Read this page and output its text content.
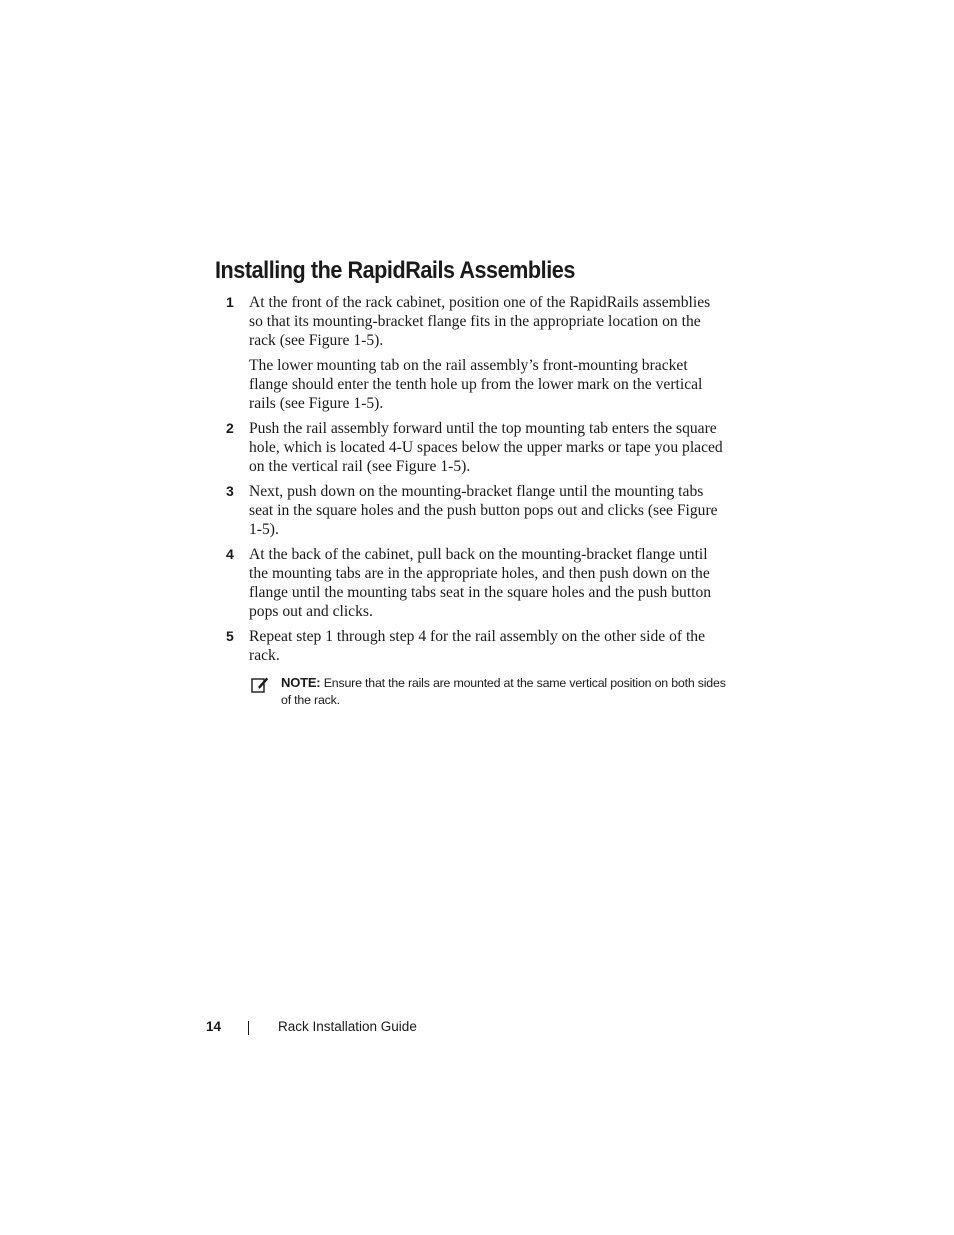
Installing the RapidRails Assemblies
1 At the front of the rack cabinet, position one of the RapidRails assemblies so that its mounting-bracket flange fits in the appropriate location on the rack (see Figure 1-5).

The lower mounting tab on the rail assembly’s front-mounting bracket flange should enter the tenth hole up from the lower mark on the vertical rails (see Figure 1-5).

2 Push the rail assembly forward until the top mounting tab enters the square hole, which is located 4-U spaces below the upper marks or tape you placed on the vertical rail (see Figure 1-5).

3 Next, push down on the mounting-bracket flange until the mounting tabs seat in the square holes and the push button pops out and clicks (see Figure 1-5).

4 At the back of the cabinet, pull back on the mounting-bracket flange until the mounting tabs are in the appropriate holes, and then push down on the flange until the mounting tabs seat in the square holes and the push button pops out and clicks.

5 Repeat step 1 through step 4 for the rail assembly on the other side of the rack.

NOTE: Ensure that the rails are mounted at the same vertical position on both sides of the rack.
14	Rack Installation Guide
